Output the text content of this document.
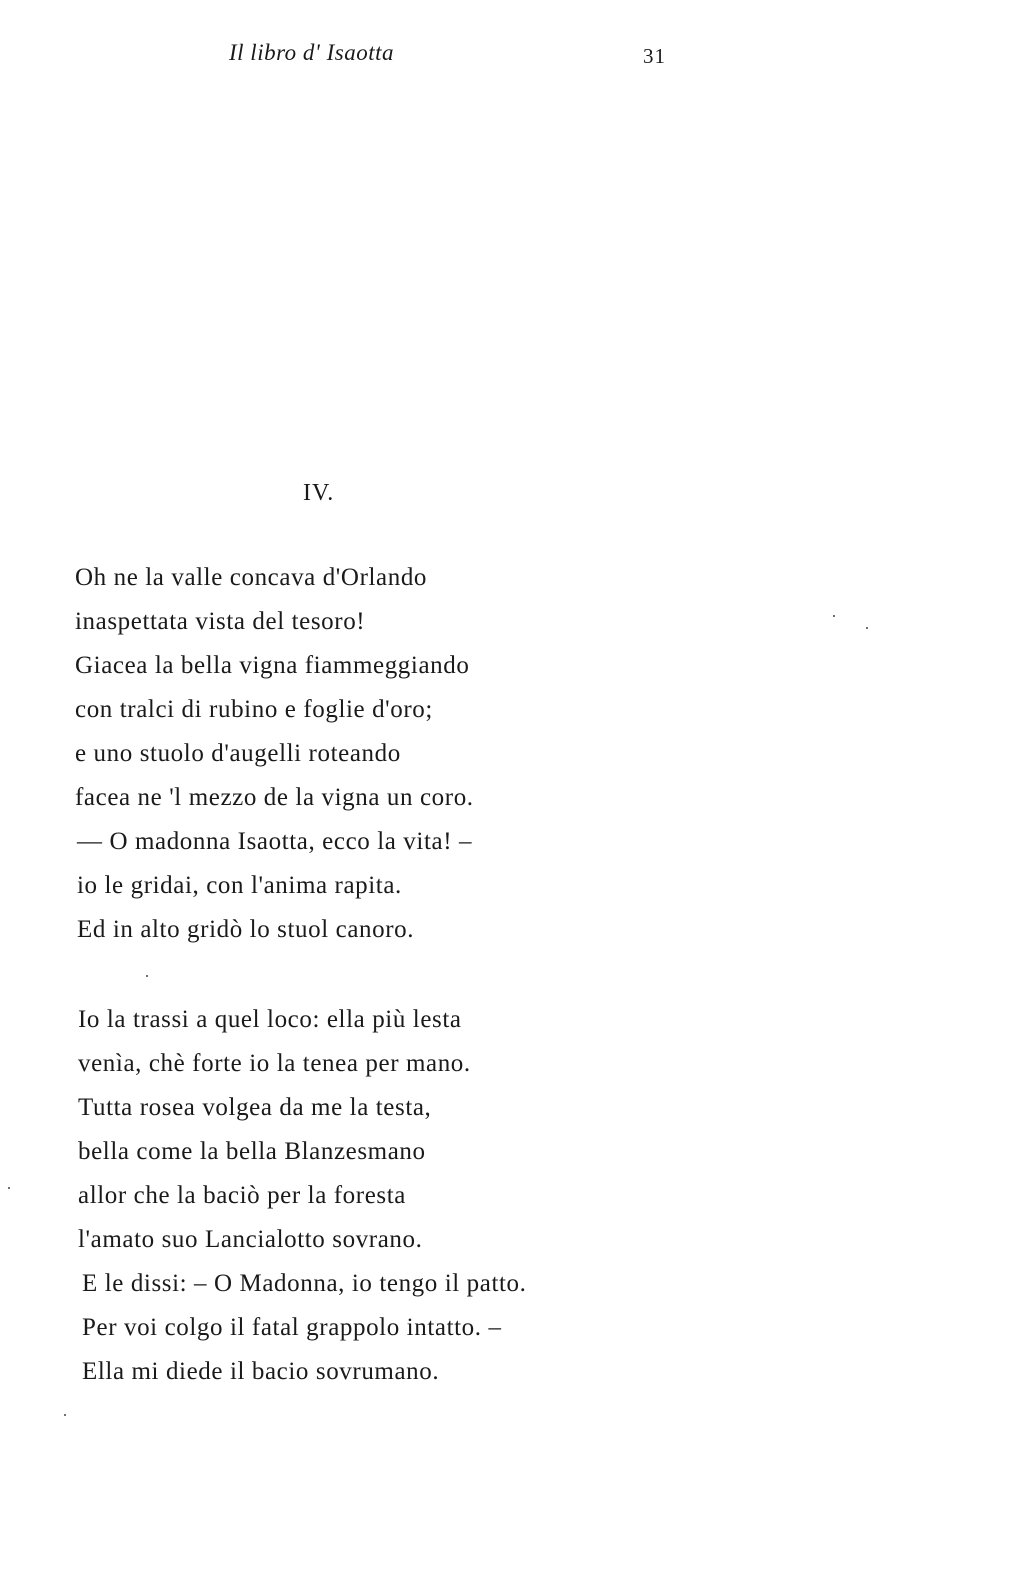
Il libro d' Isaotta	31
IV.
Oh ne la valle concava d'Orlando
inaspettata vista del tesoro!
Giacea la bella vigna fiammeggiando
con tralci di rubino e foglie d'oro;
e uno stuolo d'augelli roteando
facea ne 'l mezzo de la vigna un coro.
— O madonna Isaotta, ecco la vita! –
io le gridai, con l'anima rapita.
Ed in alto gridò lo stuol canoro.
Io la trassi a quel loco: ella più lesta
venìa, chè forte io la tenea per mano.
Tutta rosea volgea da me la testa,
bella come la bella Blanzesmano
allor che la baciò per la foresta
l'amato suo Lancialotto sovrano.
E le dissi: – O Madonna, io tengo il patto.
Per voi colgo il fatal grappolo intatto. –
Ella mi diede il bacio sovrumano.
